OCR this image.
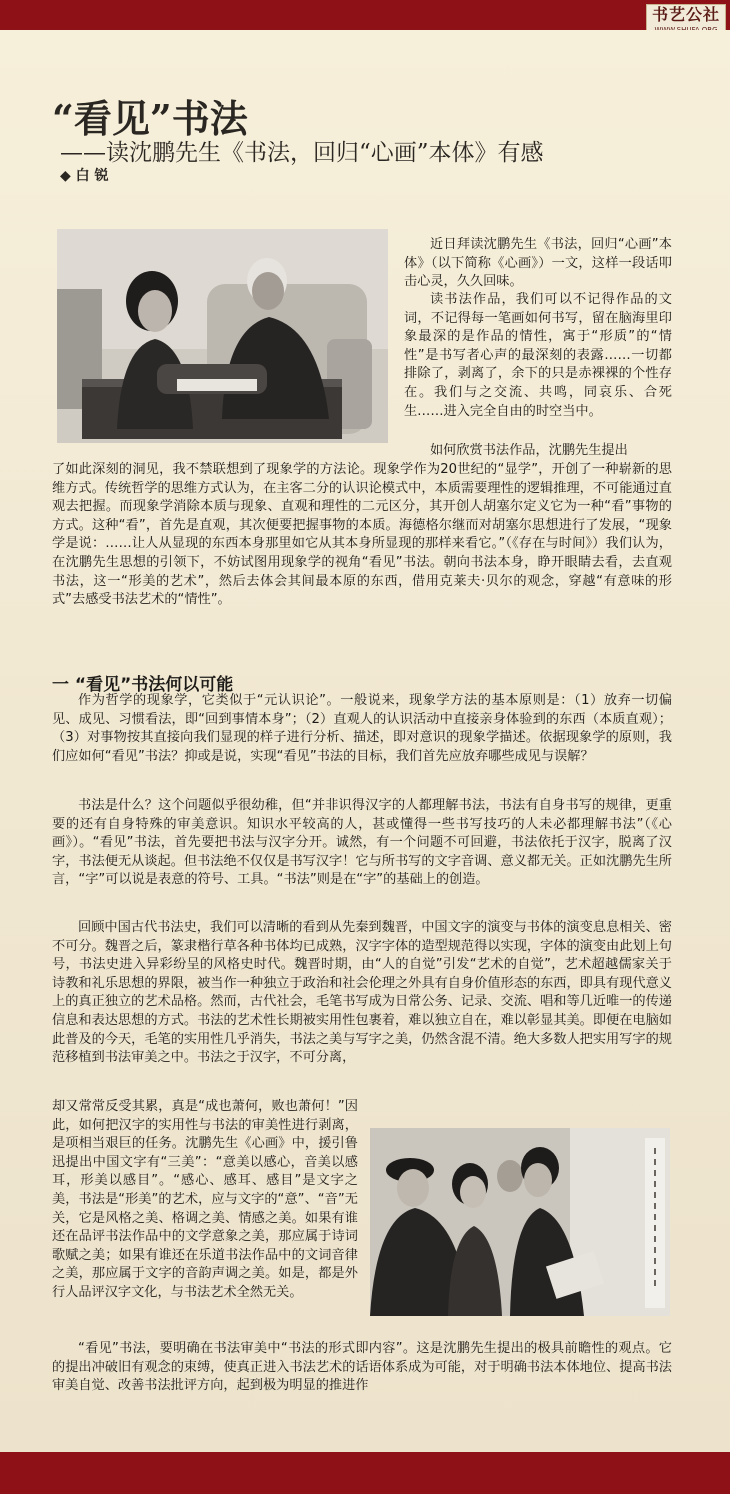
书艺公社
“看见”书法
——读沈鹏先生《书法，回归“心画”本体》有感
◆ 白 锐

近日拜读沈鹏先生《书法，回归“心画”本体》（以下简称《心画》）一文，这样一段话叩击心灵，久久回味。

读书法作品，我们可以不记得作品的文词，不记得每一笔画如何书写，留在脑海里印象最深的是作品的情性，寓于“形质”的“情性”是书写者心声的最深刻的表露……一切都排除了，剥离了，余下的只是赤裸裸的个性存在。我们与之交流、共鸣，同哀乐、合死生……进入完全自由的时空当中。

如何欣赏书法作品，沈鹏先生提出

了如此深刻的洞见，我不禁联想到了现象学的方法论。现象学作为20世纪的“显学”，开创了一种崭新的思维方式。传统哲学的思维方式认为，在主客二分的认识论模式中，本质需要理性的逻辑推理，不可能通过直观去把握。而现象学消除本质与现象、直观和理性的二元区分，其开创人胡塞尔定义它为一种“看”事物的方式。这种“看”，首先是直观，其次便要把握事物的本质。海德格尔继而对胡塞尔思想进行了发展，“现象学是说：……让人从显现的东西本身那里如它从其本身所显现的那样来看它。”（《存在与时间》）我们认为，在沈鹏先生思想的引领下，不妨试图用现象学的视角“看见”书法。朝向书法本身，睁开眼睛去看，去直观书法，这一“形美的艺术”，然后去体会其间最本原的东西，借用克莱夫·贝尔的观念，穿越“有意味的形式”去感受书法艺术的“情性”。

一 “看见”书法何以可能

作为哲学的现象学，它类似于“元认识论”。一般说来，现象学方法的基本原则是：（1）放弃一切偏见、成见、习惯看法，即“回到事情本身”；（2）直观人的认识活动中直接亲身体验到的东西（本质直观）；（3）对事物按其直接向我们显现的样子进行分析、描述，即对意识的现象学描述。依据现象学的原则，我们应如何“看见”书法？抑或是说，实现“看见”书法的目标，我们首先应放弃哪些成见与误解？

书法是什么？这个问题似乎很幼稚，但“并非识得汉字的人都理解书法，书法有自身书写的规律，更重要的还有自身特殊的审美意识。知识水平较高的人，甚或懂得一些书写技巧的人未必都理解书法”（《心画》）。“看见”书法，首先要把书法与汉字分开。诚然，有一个问题不可回避，书法依托于汉字，脱离了汉字，书法便无从谈起。但书法绝不仅仅是书写汉字！它与所书写的文字音调、意义都无关。正如沈鹏先生所言，“字”可以说是表意的符号、工具。“书法”则是在“字”的基础上的创造。

回顾中国古代书法史，我们可以清晰的看到从先秦到魏晋，中国文字的演变与书体的演变息息相关、密不可分。魏晋之后，篆隶楷行草各种书体均已成熟，汉字字体的造型规范得以实现，字体的演变由此划上句号，书法史进入异彩纷呈的风格史时代。魏晋时期，由“人的自觉”引发“艺术的自觉”，艺术超越儒家关于诗教和礼乐思想的界限，被当作一种独立于政治和社会伦理之外具有自身价值形态的东西，即具有现代意义上的真正独立的艺术品格。然而，古代社会，毛笔书写成为日常公务、记录、交流、唱和等几近唯一的传递信息和表达思想的方式。书法的艺术性长期被实用性包裹着，难以独立自在，难以彰显其美。即便在电脑如此普及的今天，毛笔的实用性几乎消失，书法之美与写字之美，仍然含混不清。绝大多数人把实用写字的规范移植到书法审美之中。书法之于汉字，不可分离，

却又常常反受其累，真是“成也萧何，败也萧何！”因此，如何把汉字的实用性与书法的审美性进行剥离，是项相当艰巨的任务。沈鹏先生《心画》中，援引鲁迅提出中国文字有“三美”：“意美以感心，音美以感耳，形美以感目”。“感心、感耳、感目”是文字之美，书法是“形美”的艺术，应与文字的“意”、“音”无关，它是风格之美、格调之美、情感之美。如果有谁还在品评书法作品中的文学意象之美，那应属于诗词歌赋之美；如果有谁还在乐道书法作品中的文词音律之美，那应属于文字的音韵声调之美。如是，都是外行人品评汉字文化，与书法艺术全然无关。

“看见”书法，要明确在书法审美中“书法的形式即内容”。这是沈鹏先生提出的极具前瞻性的观点。它的提出冲破旧有观念的束缚，使真正进入书法艺术的话语体系成为可能，对于明确书法本体地位、提高书法审美自觉、改善书法批评方向，起到极为明显的推进作
